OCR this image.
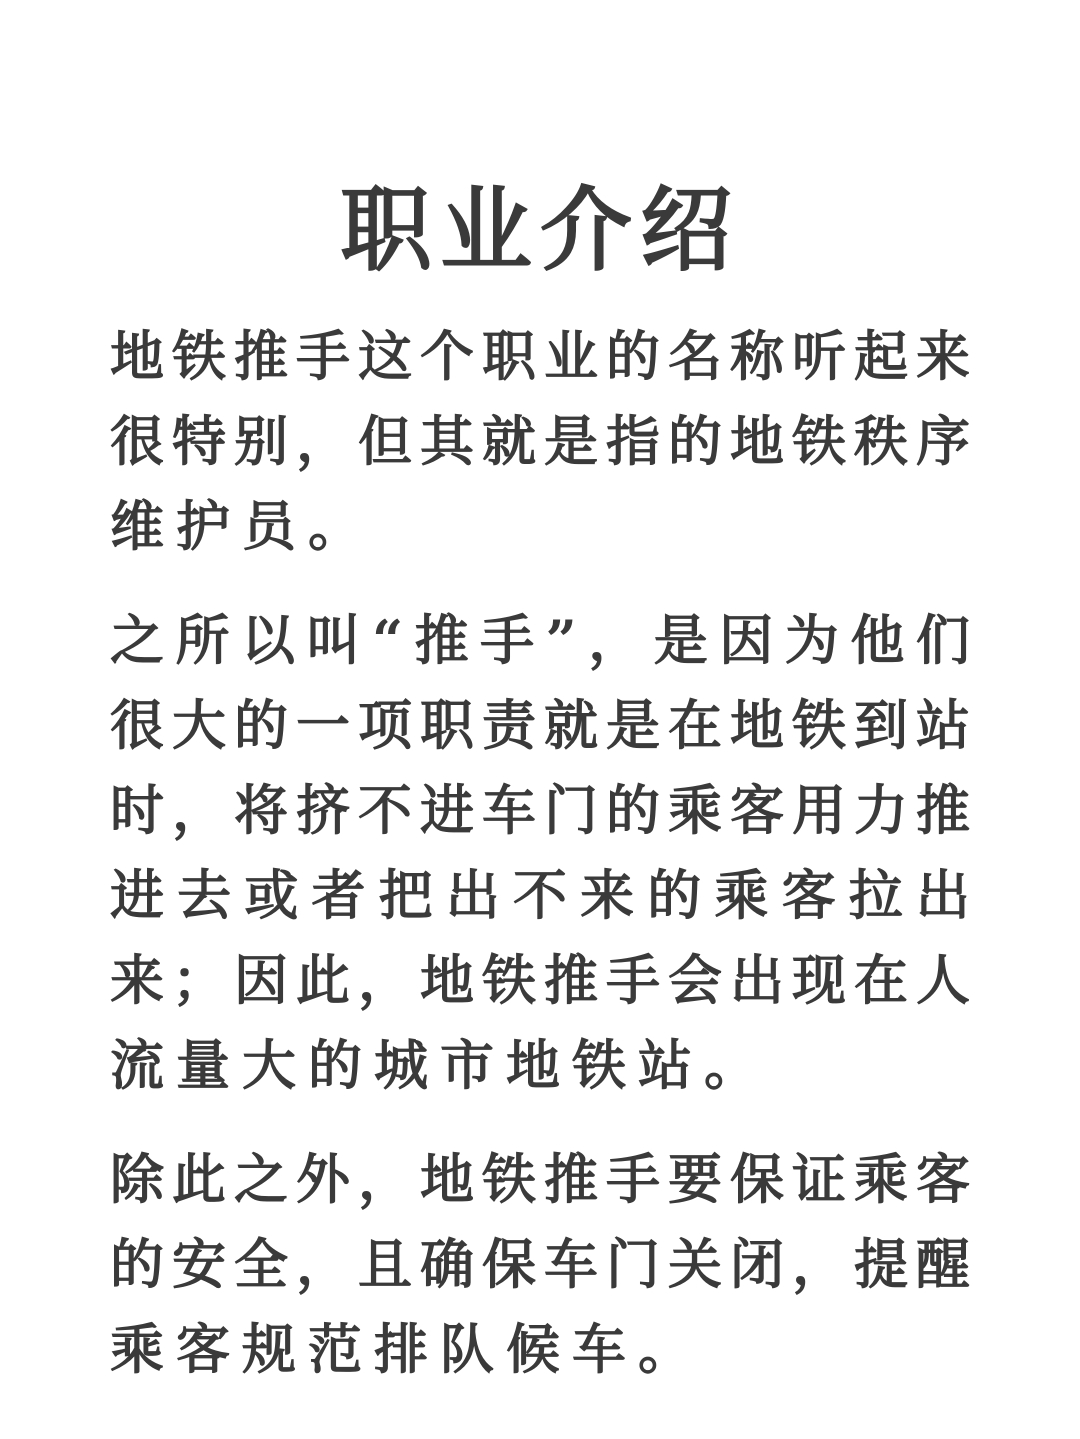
职业介绍
地 铁 推 手 这 个 职 业 的 名 称 听 起 来
很 特 别 ， 但 其 就 是 指 的 地 铁 秩 序
维护员。
之 所 以 叫 “ 推 手 ” ， 是 因 为 他 们
很 大 的 一 项 职 责 就 是 在 地 铁 到 站
时 ， 将 挤 不 进 车 门 的 乘 客 用 力 推
进 去 或 者 把 出 不 来 的 乘 客 拉 出
来 ； 因 此 ， 地 铁 推 手 会 出 现 在 人
流量大的城市地铁站。
除 此 之 外 ， 地 铁 推 手 要 保 证 乘 客
的 安 全 ， 且 确 保 车 门 关 闭 ， 提 醒
乘客规范排队候车。
